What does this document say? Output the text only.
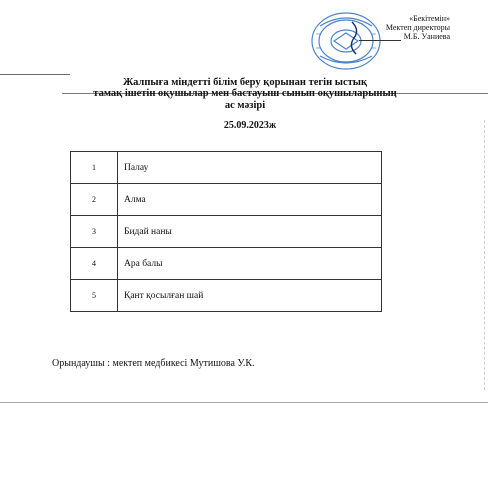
«Бекітемін»
Мектеп директоры
М.Б. Уаниева
Жалпыға міндетті білім беру қорынан тегін ыстық
тамақ ішетін оқушылар мен бастауыш сынып оқушыларының
ас мәзірі
25.09.2023ж
1	Палау
2	Алма
3	Бидай наны
4	Ара балы
5	Қант қосылған шай
Орындаушы : мектеп медбикесі Мутишова У.К.
